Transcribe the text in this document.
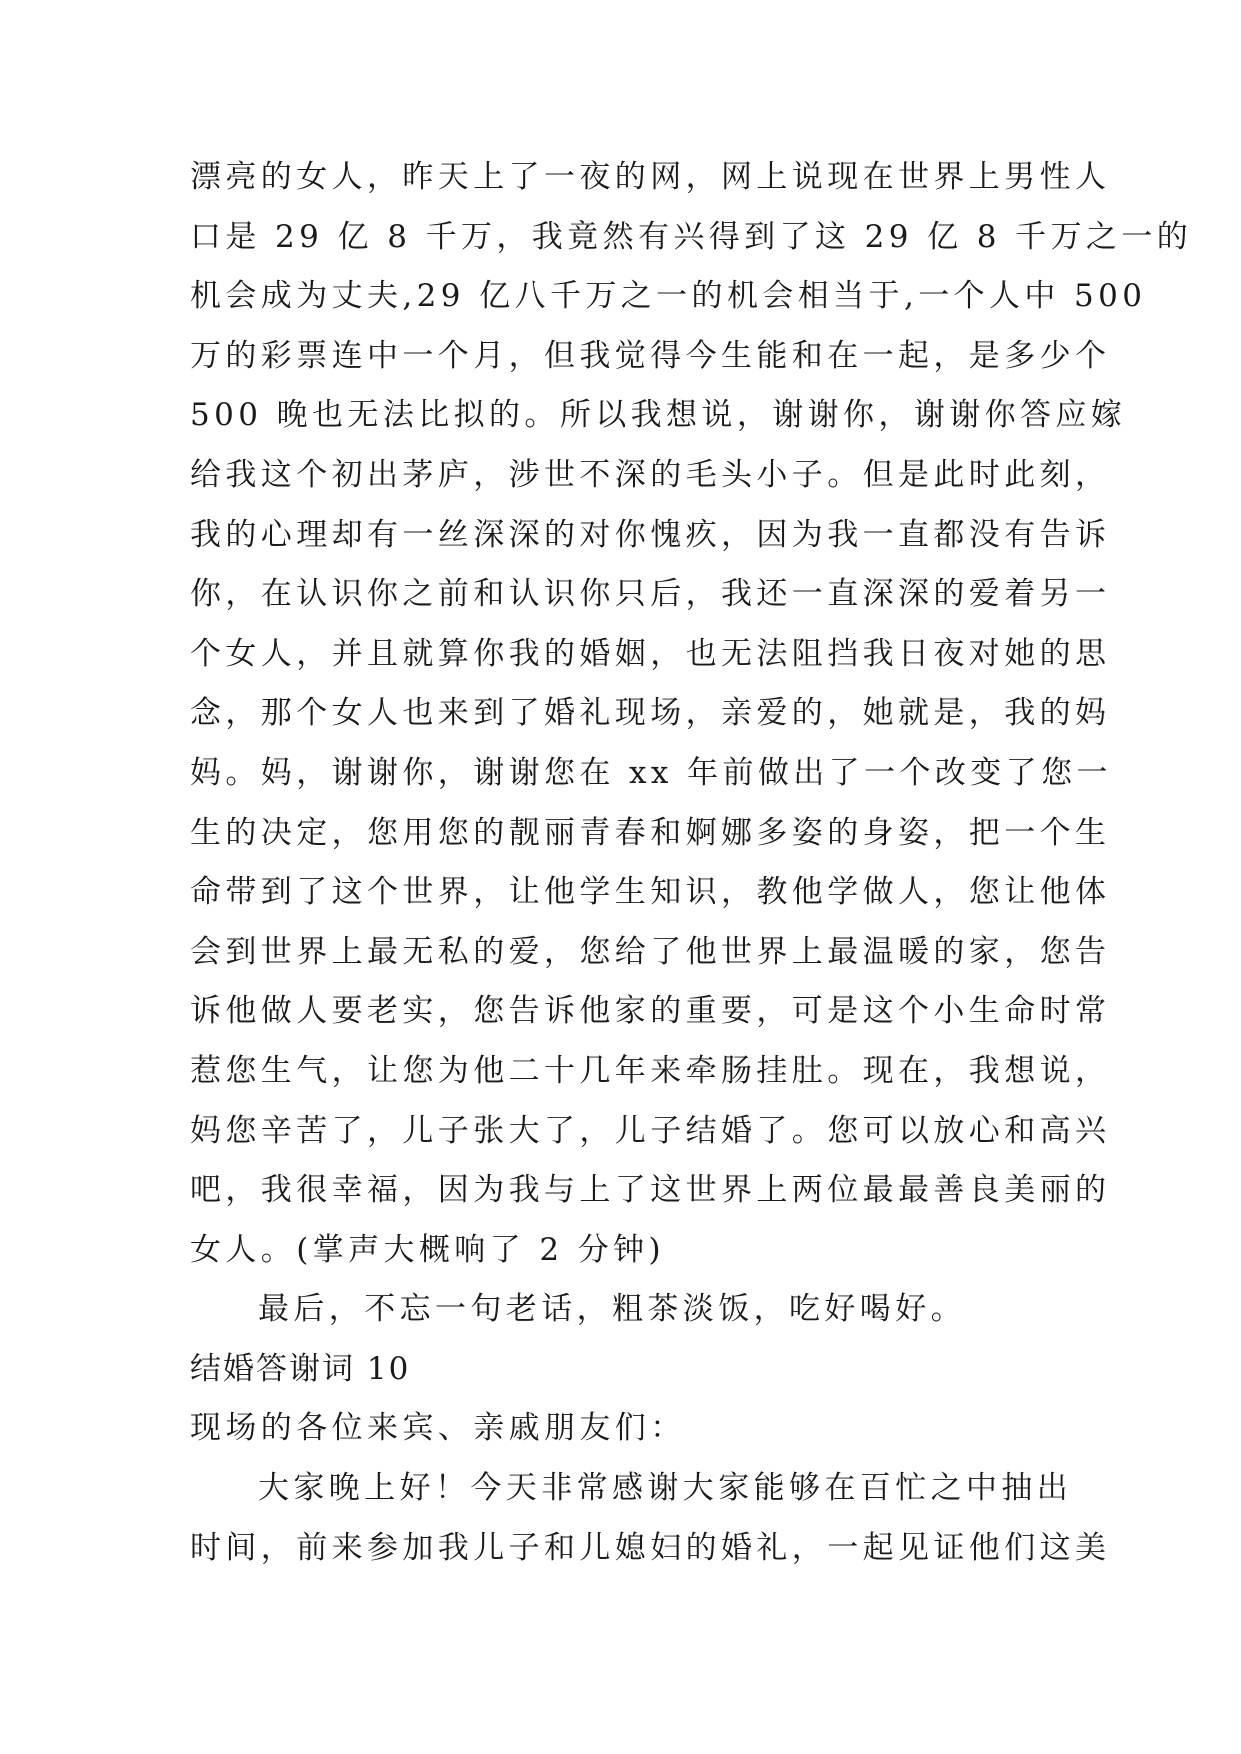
漂亮的女人，昨天上了一夜的网，网上说现在世界上男性人
口是 29 亿 8 千万，我竟然有兴得到了这 29 亿 8 千万之一的
机会成为丈夫,29 亿八千万之一的机会相当于,一个人中 500
万的彩票连中一个月，但我觉得今生能和在一起，是多少个
500 晚也无法比拟的。所以我想说，谢谢你，谢谢你答应嫁
给我这个初出茅庐，涉世不深的毛头小子。但是此时此刻，
我的心理却有一丝深深的对你愧疚，因为我一直都没有告诉
你，在认识你之前和认识你只后，我还一直深深的爱着另一
个女人，并且就算你我的婚姻，也无法阻挡我日夜对她的思
念，那个女人也来到了婚礼现场，亲爱的，她就是，我的妈
妈。妈，谢谢你，谢谢您在 xx 年前做出了一个改变了您一
生的决定，您用您的靓丽青春和婀娜多姿的身姿，把一个生
命带到了这个世界，让他学生知识，教他学做人，您让他体
会到世界上最无私的爱，您给了他世界上最温暖的家，您告
诉他做人要老实，您告诉他家的重要，可是这个小生命时常
惹您生气，让您为他二十几年来牵肠挂肚。现在，我想说，
妈您辛苦了，儿子张大了，儿子结婚了。您可以放心和高兴
吧，我很幸福，因为我与上了这世界上两位最最善良美丽的
女人。(掌声大概响了 2 分钟)
最后，不忘一句老话，粗茶淡饭，吃好喝好。
结婚答谢词 10
现场的各位来宾、亲戚朋友们：
大家晚上好！今天非常感谢大家能够在百忙之中抽出
时间，前来参加我儿子和儿媳妇的婚礼，一起见证他们这美
